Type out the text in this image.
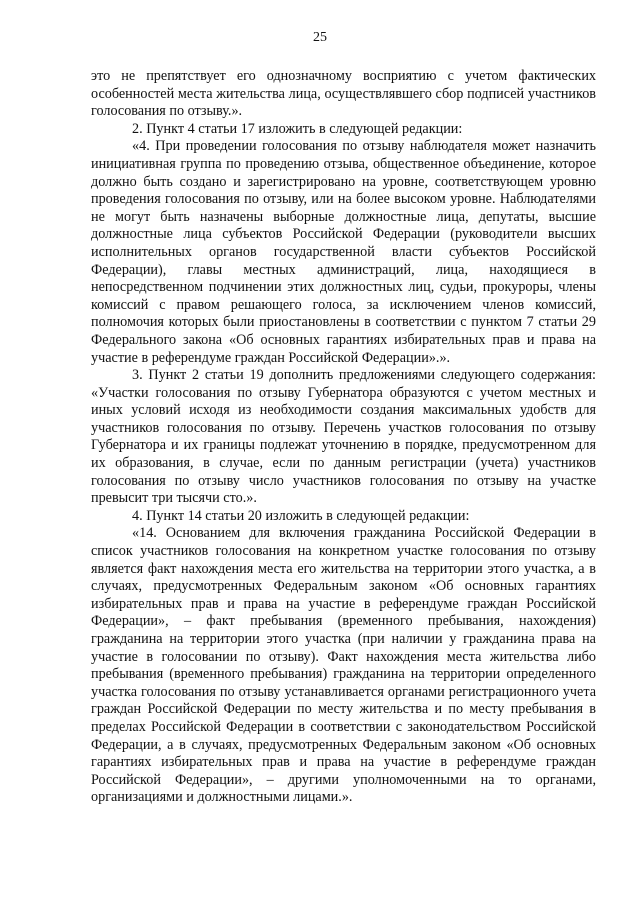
25

это не препятствует его однозначному восприятию с учетом фактических особенностей места жительства лица, осуществлявшего сбор подписей участников голосования по отзыву.».

2. Пункт 4 статьи 17 изложить в следующей редакции:

«4. При проведении голосования по отзыву наблюдателя может назначить инициативная группа по проведению отзыва, общественное объединение, которое должно быть создано и зарегистрировано на уровне, соответствующем уровню проведения голосования по отзыву, или на более высоком уровне. Наблюдателями не могут быть назначены выборные должностные лица, депутаты, высшие должностные лица субъектов Российской Федерации (руководители высших исполнительных органов государственной власти субъектов Российской Федерации), главы местных администраций, лица, находящиеся в непосредственном подчинении этих должностных лиц, судьи, прокуроры, члены комиссий с правом решающего голоса, за исключением членов комиссий, полномочия которых были приостановлены в соответствии с пунктом 7 статьи 29 Федерального закона «Об основных гарантиях избирательных прав и права на участие в референдуме граждан Российской Федерации».».

3. Пункт 2 статьи 19 дополнить предложениями следующего содержания: «Участки голосования по отзыву Губернатора образуются с учетом местных и иных условий исходя из необходимости создания максимальных удобств для участников голосования по отзыву. Перечень участков голосования по отзыву Губернатора и их границы подлежат уточнению в порядке, предусмотренном для их образования, в случае, если по данным регистрации (учета) участников голосования по отзыву число участников голосования по отзыву на участке превысит три тысячи сто.».

4. Пункт 14 статьи 20 изложить в следующей редакции:

«14. Основанием для включения гражданина Российской Федерации в список участников голосования на конкретном участке голосования по отзыву является факт нахождения места его жительства на территории этого участка, а в случаях, предусмотренных Федеральным законом «Об основных гарантиях избирательных прав и права на участие в референдуме граждан Российской Федерации», – факт пребывания (временного пребывания, нахождения) гражданина на территории этого участка (при наличии у гражданина права на участие в голосовании по отзыву). Факт нахождения места жительства либо пребывания (временного пребывания) гражданина на территории определенного участка голосования по отзыву устанавливается органами регистрационного учета граждан Российской Федерации по месту жительства и по месту пребывания в пределах Российской Федерации в соответствии с законодательством Российской Федерации, а в случаях, предусмотренных Федеральным законом «Об основных гарантиях избирательных прав и права на участие в референдуме граждан Российской Федерации», – другими уполномоченными на то органами, организациями и должностными лицами.».
